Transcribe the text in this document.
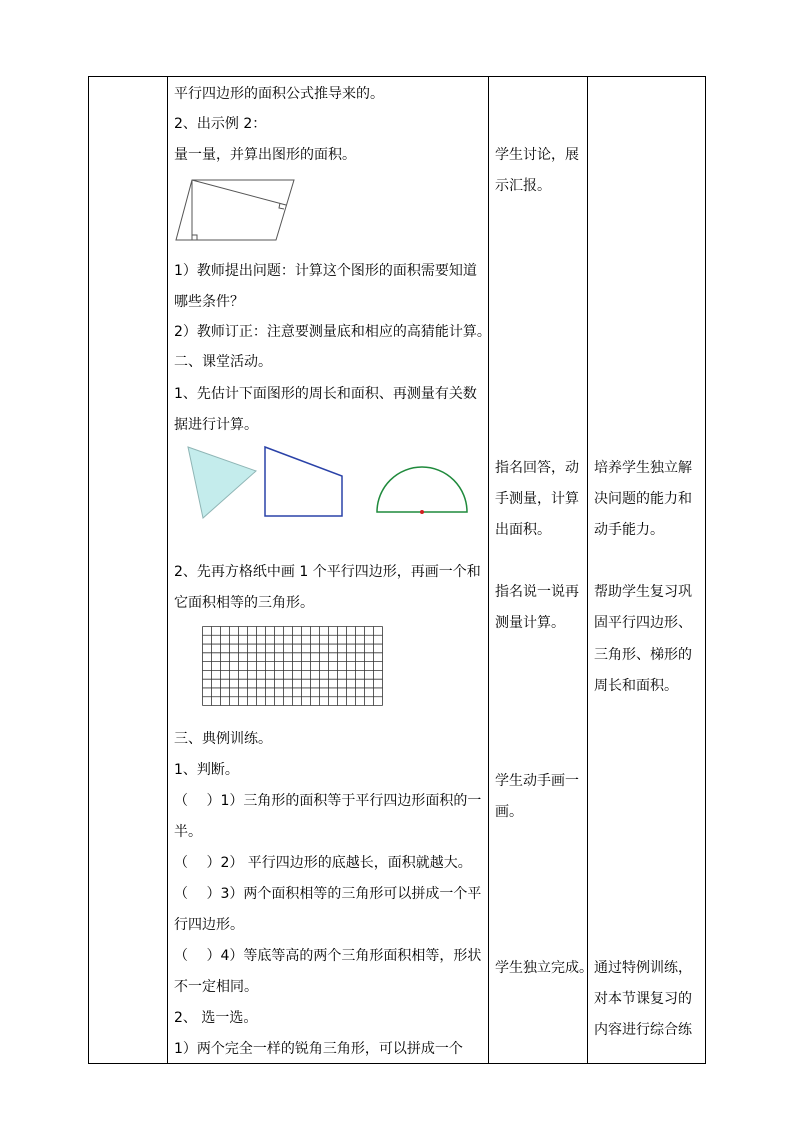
平行四边形的面积公式推导来的。
2、出示例 2：
量一量，并算出图形的面积。
1）教师提出问题：计算这个图形的面积需要知道
哪些条件？
2）教师订正：注意要测量底和相应的高猜能计算。
二、课堂活动。
1、先估计下面图形的周长和面积、再测量有关数
据进行计算。
2、先再方格纸中画 1 个平行四边形，再画一个和
它面积相等的三角形。
三、典例训练。
1、判断。
（　 ）1）三角形的面积等于平行四边形面积的一
半。
（　 ）2） 平行四边形的底越长，面积就越大。
（　 ）3）两个面积相等的三角形可以拼成一个平
行四边形。
（　 ）4）等底等高的两个三角形面积相等，形状
不一定相同。
2、 选一选。
1）两个完全一样的锐角三角形，可以拼成一个
学生讨论，展
示汇报。
指名回答，动
手测量，计算
出面积。
指名说一说再
测量计算。
学生动手画一
画。
学生独立完成。
培养学生独立解
决问题的能力和
动手能力。
帮助学生复习巩
固平行四边形、
三角形、梯形的
周长和面积。
通过特例训练，
对本节课复习的
内容进行综合练
